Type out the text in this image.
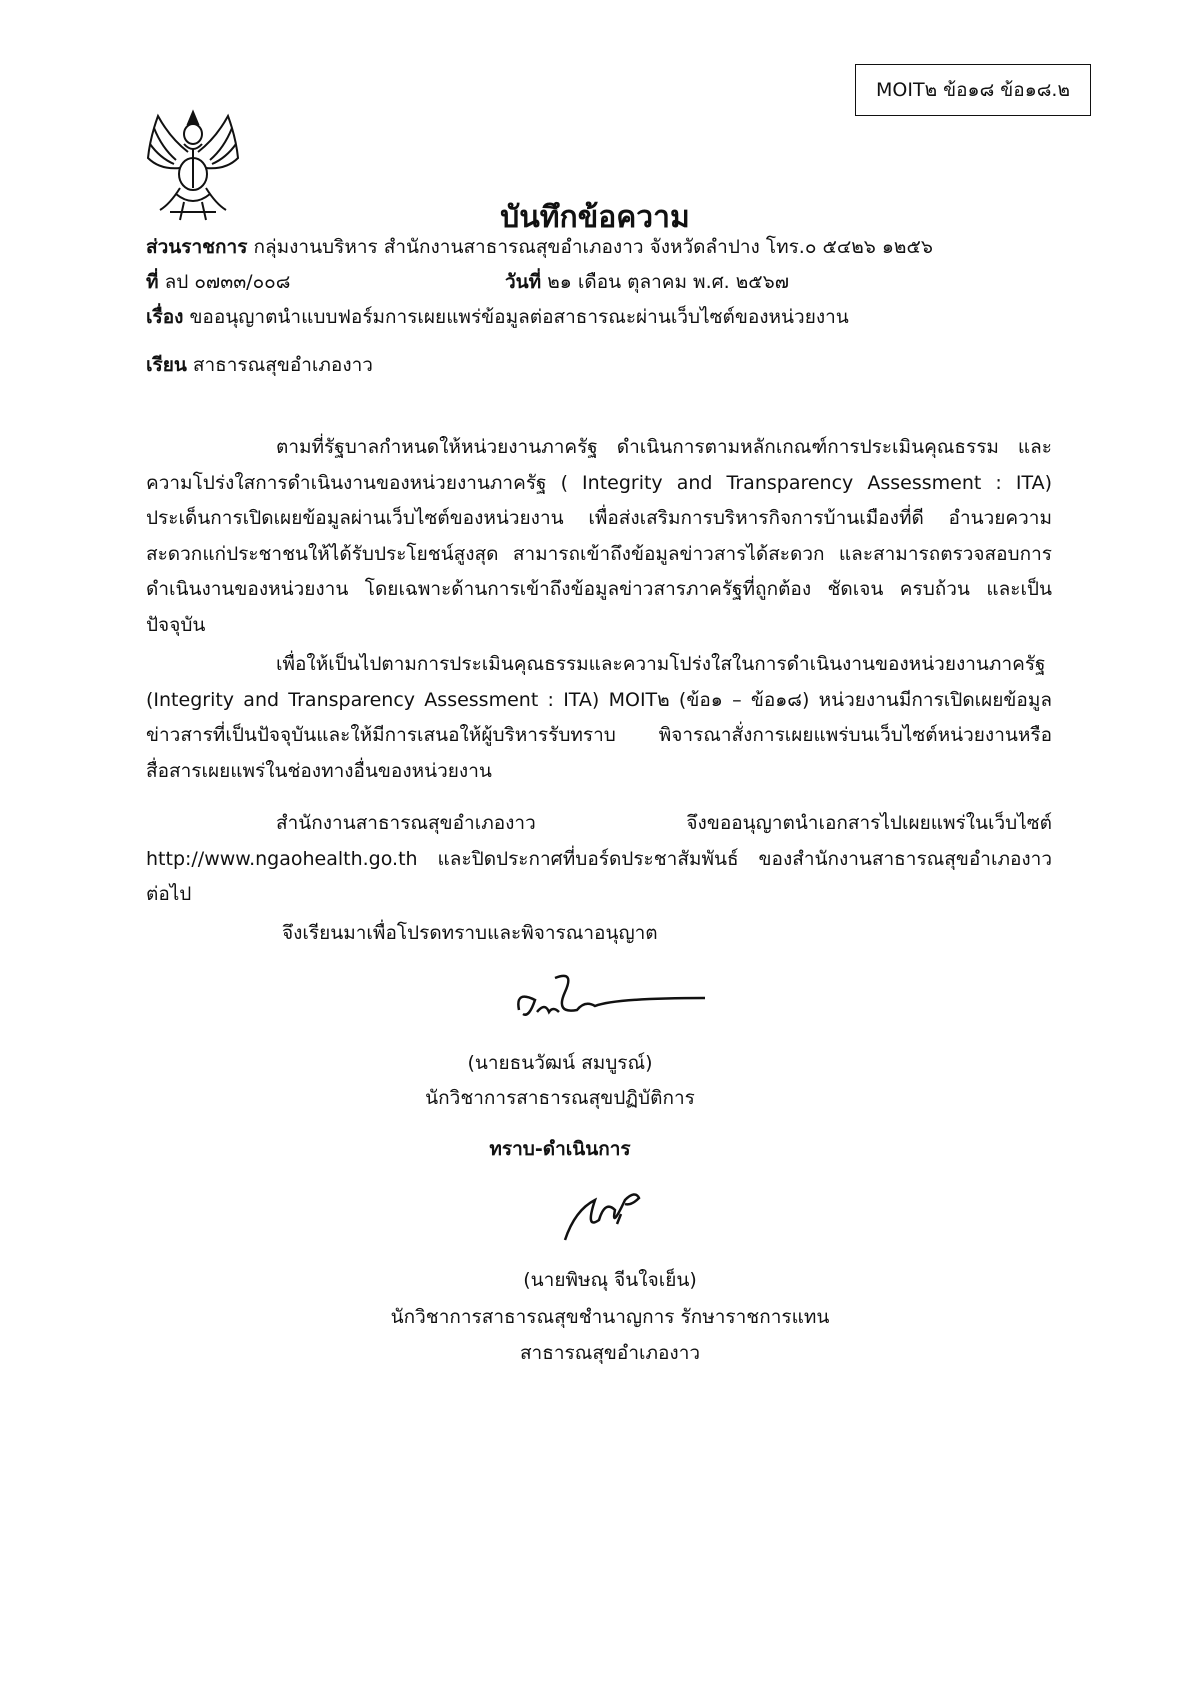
MOIT๒ ข้อ๑๘ ข้อ๑๘.๒
บันทึกข้อความ
ส่วนราชการ กลุ่มงานบริหาร สำนักงานสาธารณสุขอำเภองาว จังหวัดลำปาง โทร.๐ ๕๔๒๖ ๑๒๕๖
ที่ ลป ๐๗๓๓/๐๐๘	วันที่ ๒๑ เดือน ตุลาคม พ.ศ. ๒๕๖๗
เรื่อง ขออนุญาตนำแบบฟอร์มการเผยแพร่ข้อมูลต่อสาธารณะผ่านเว็บไซต์ของหน่วยงาน
เรียน สาธารณสุขอำเภองาว

ตามที่รัฐบาลกำหนดให้หน่วยงานภาครัฐ ดำเนินการตามหลักเกณฑ์การประเมินคุณธรรม และความโปร่งใสการดำเนินงานของหน่วยงานภาครัฐ ( Integrity and Transparency Assessment : ITA) ประเด็นการเปิดเผยข้อมูลผ่านเว็บไซต์ของหน่วยงาน เพื่อส่งเสริมการบริหารกิจการบ้านเมืองที่ดี อำนวยความสะดวกแก่ประชาชนให้ได้รับประโยชน์สูงสุด สามารถเข้าถึงข้อมูลข่าวสารได้สะดวก และสามารถตรวจสอบการดำเนินงานของหน่วยงาน โดยเฉพาะด้านการเข้าถึงข้อมูลข่าวสารภาครัฐที่ถูกต้อง ชัดเจน ครบถ้วน และเป็นปัจจุบัน

เพื่อให้เป็นไปตามการประเมินคุณธรรมและความโปร่งใสในการดำเนินงานของหน่วยงานภาครัฐ (Integrity and Transparency Assessment : ITA) MOIT๒ (ข้อ๑ – ข้อ๑๘) หน่วยงานมีการเปิดเผยข้อมูลข่าวสารที่เป็นปัจจุบันและให้มีการเสนอให้ผู้บริหารรับทราบ พิจารณาสั่งการเผยแพร่บนเว็บไซต์หน่วยงานหรือสื่อสารเผยแพร่ในช่องทางอื่นของหน่วยงาน

สำนักงานสาธารณสุขอำเภองาว จึงขออนุญาตนำเอกสารไปเผยแพร่ในเว็บไซต์ http://www.ngaohealth.go.th และปิดประกาศที่บอร์ดประชาสัมพันธ์ ของสำนักงานสาธารณสุขอำเภองาว ต่อไป

จึงเรียนมาเพื่อโปรดทราบและพิจารณาอนุญาต
(นายธนวัฒน์ สมบูรณ์)
นักวิชาการสาธารณสุขปฏิบัติการ
ทราบ-ดำเนินการ
(นายพิษณุ จีนใจเย็น)
นักวิชาการสาธารณสุขชำนาญการ รักษาราชการแทน
สาธารณสุขอำเภองาว
